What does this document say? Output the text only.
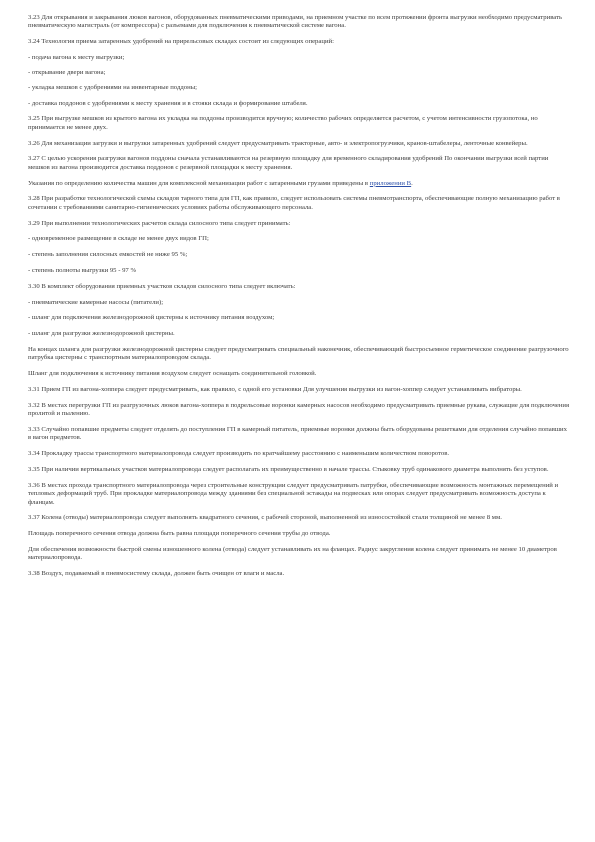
3.23 Для открывания и закрывания люков вагонов, оборудованных пневматическими приводами, на приемном участке по всем протяжении фронта выгрузки необходимо предусматривать пневматическую магистраль (от компрессора) с разъемами для подключения к пневматической системе вагона.

3.24 Технология приема затаренных удобрений на прирельсовых складах состоит из следующих операций:

- подача вагона к месту выгрузки;

- открывание двери вагона;

- укладка мешков с удобрениями на инвентарные поддоны;

- доставка поддонов с удобрениями к месту хранения и в стояки склада и формирование штабеля.

3.25 При выгрузке мешков из крытого вагона их укладка на поддоны производится вручную; количество рабочих определяется расчетом, с учетом интенсивности грузопотока, но принимается не менее двух.

3.26 Для механизации загрузки и выгрузки затаренных удобрений следует предусматривать тракторные, авто- и электропогрузчики, кранов-штабелеры, ленточные конвейеры.

3.27 С целью ускорения разгрузки вагонов поддоны сначала устанавливаются на резервную площадку для временного складирования удобрений По окончании выгрузки всей партии мешков из вагона производится доставка поддонов с резервной площадки к месту хранения.

Указания по определению количества машин для комплексной механизации работ с затаренными грузами приведены в приложении В.

3.28 При разработке технологической схемы складов тарного типа для ГП, как правило, следует использовать системы пневмотранспорта, обеспечивающие полную механизацию работ в сочетании с требованиями санитарно-гигиенических условиях работы обслуживающего персонала.

3.29 При выполнении технологических расчетов склада силосного типа следует принимать:

- одновременное размещение в складе не менее двух видов ГП;

- степень заполнения силосных емкостей не ниже 95 %;

- степень полноты выгрузки 95 - 97 %

3.30 В комплект оборудования приемных участков складов силосного типа следует включать:

- пневматические камерные насосы (питатели);

- шланг для подключения железнодорожной цистерны к источнику питания воздухом;

- шланг для разгрузки железнодорожной цистерны.

На концах шланга для разгрузки железнодорожной цистерны следует предусматривать специальный наконечник, обеспечивающий быстросъемное герметическое соединение разгрузочного патрубка цистерны с транспортным материалопроводом склада.

Шланг для подключения к источнику питания воздухом следует оснащать соединительной головкой.

3.31 Прием ГП из вагона-хоппера следует предусматривать, как правило, с одной его установки Для улучшения выгрузки из вагон-хоппер следует устанавливать вибраторы.

3.32 В местах перегрузки ГП из разгрузочных люков вагона-хоппера в подрельсовые воронки камерных насосов необходимо предусматривать приемные рукава, служащие для подключения пролитой и пылению.

3.33 Случайно попавшие предметы следует отделять до поступления ГП в камерный питатель, приемные воронки должны быть оборудованы решетками для отделения случайно попавших в вагон предметов.

3.34 Прокладку трассы транспортного материалопровода следует производить по кратчайшему расстоянию с наименьшим количеством поворотов.

3.35 При наличии вертикальных участков материалопровода следует располагать их преимущественно в начале трассы. Стыковку труб одинакового диаметра выполнять без уступов.

3.36 В местах прохода транспортного материалопровода через строительные конструкции следует предусматривать патрубки, обеспечивающие возможность монтажных перемещений и тепловых деформаций труб. При прокладке материалопровода между зданиями без специальной эстакады на подвесках или опорах следует предусматривать возможность доступа к фланцам.

3.37 Колена (отводы) материалопровода следует выполнять квадратного сечения, с рабочей стороной, выполненной из износостойкой стали толщиной не менее 8 мм.

Площадь поперечного сечения отвода должна быть равна площади поперечного сечения трубы до отвода.

Для обеспечения возможности быстрой смены изношенного колена (отвода) следует устанавливать их на фланцах. Радиус закругления колена следует принимать не менее 10 диаметров материалопровода.

3.38 Воздух, подаваемый в пневмосистему склада, должен быть очищен от влаги и масла.
